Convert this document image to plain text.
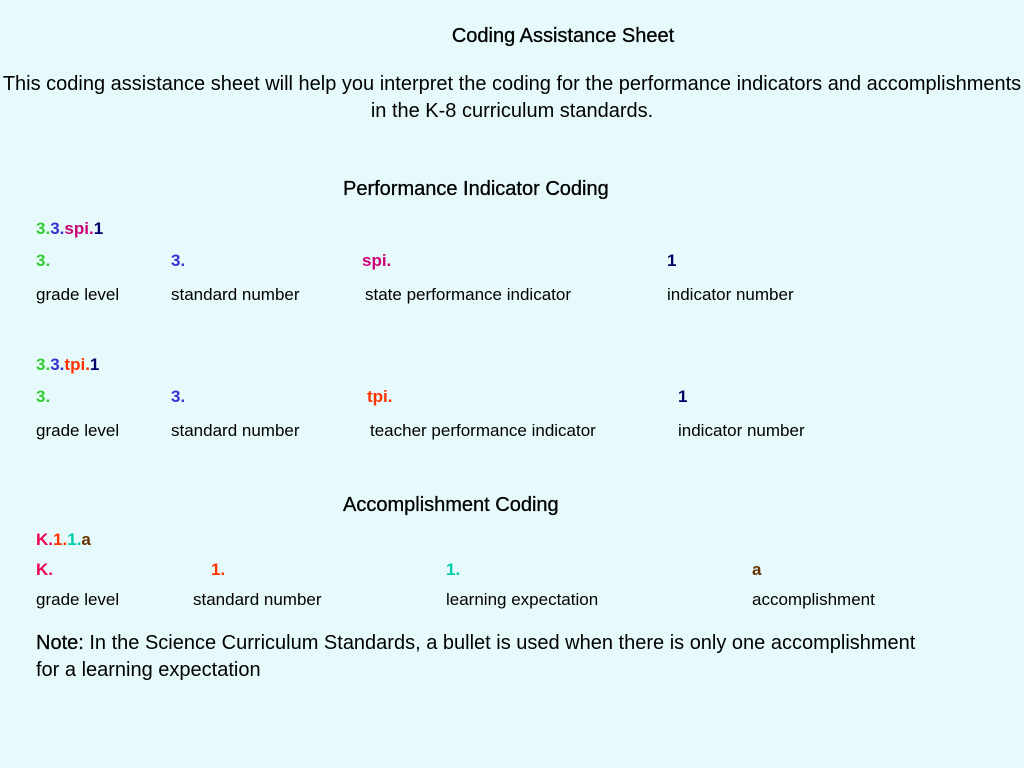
Coding Assistance Sheet
This coding assistance sheet will help you interpret the coding for the performance indicators and accomplishments in the K-8 curriculum standards.
Performance Indicator Coding
3.3.spi.1
3.	3.	spi.	1
grade level	standard number	state performance indicator	indicator number
3.3.tpi.1
3.	3.	tpi.	1
grade level	standard number	teacher performance indicator	indicator number
Accomplishment Coding
K.1.1.a
K.	1.	1.	a
grade level	standard number	learning expectation	accomplishment
Note: In the Science Curriculum Standards, a bullet is used when there is only one accomplishment for a learning expectation
